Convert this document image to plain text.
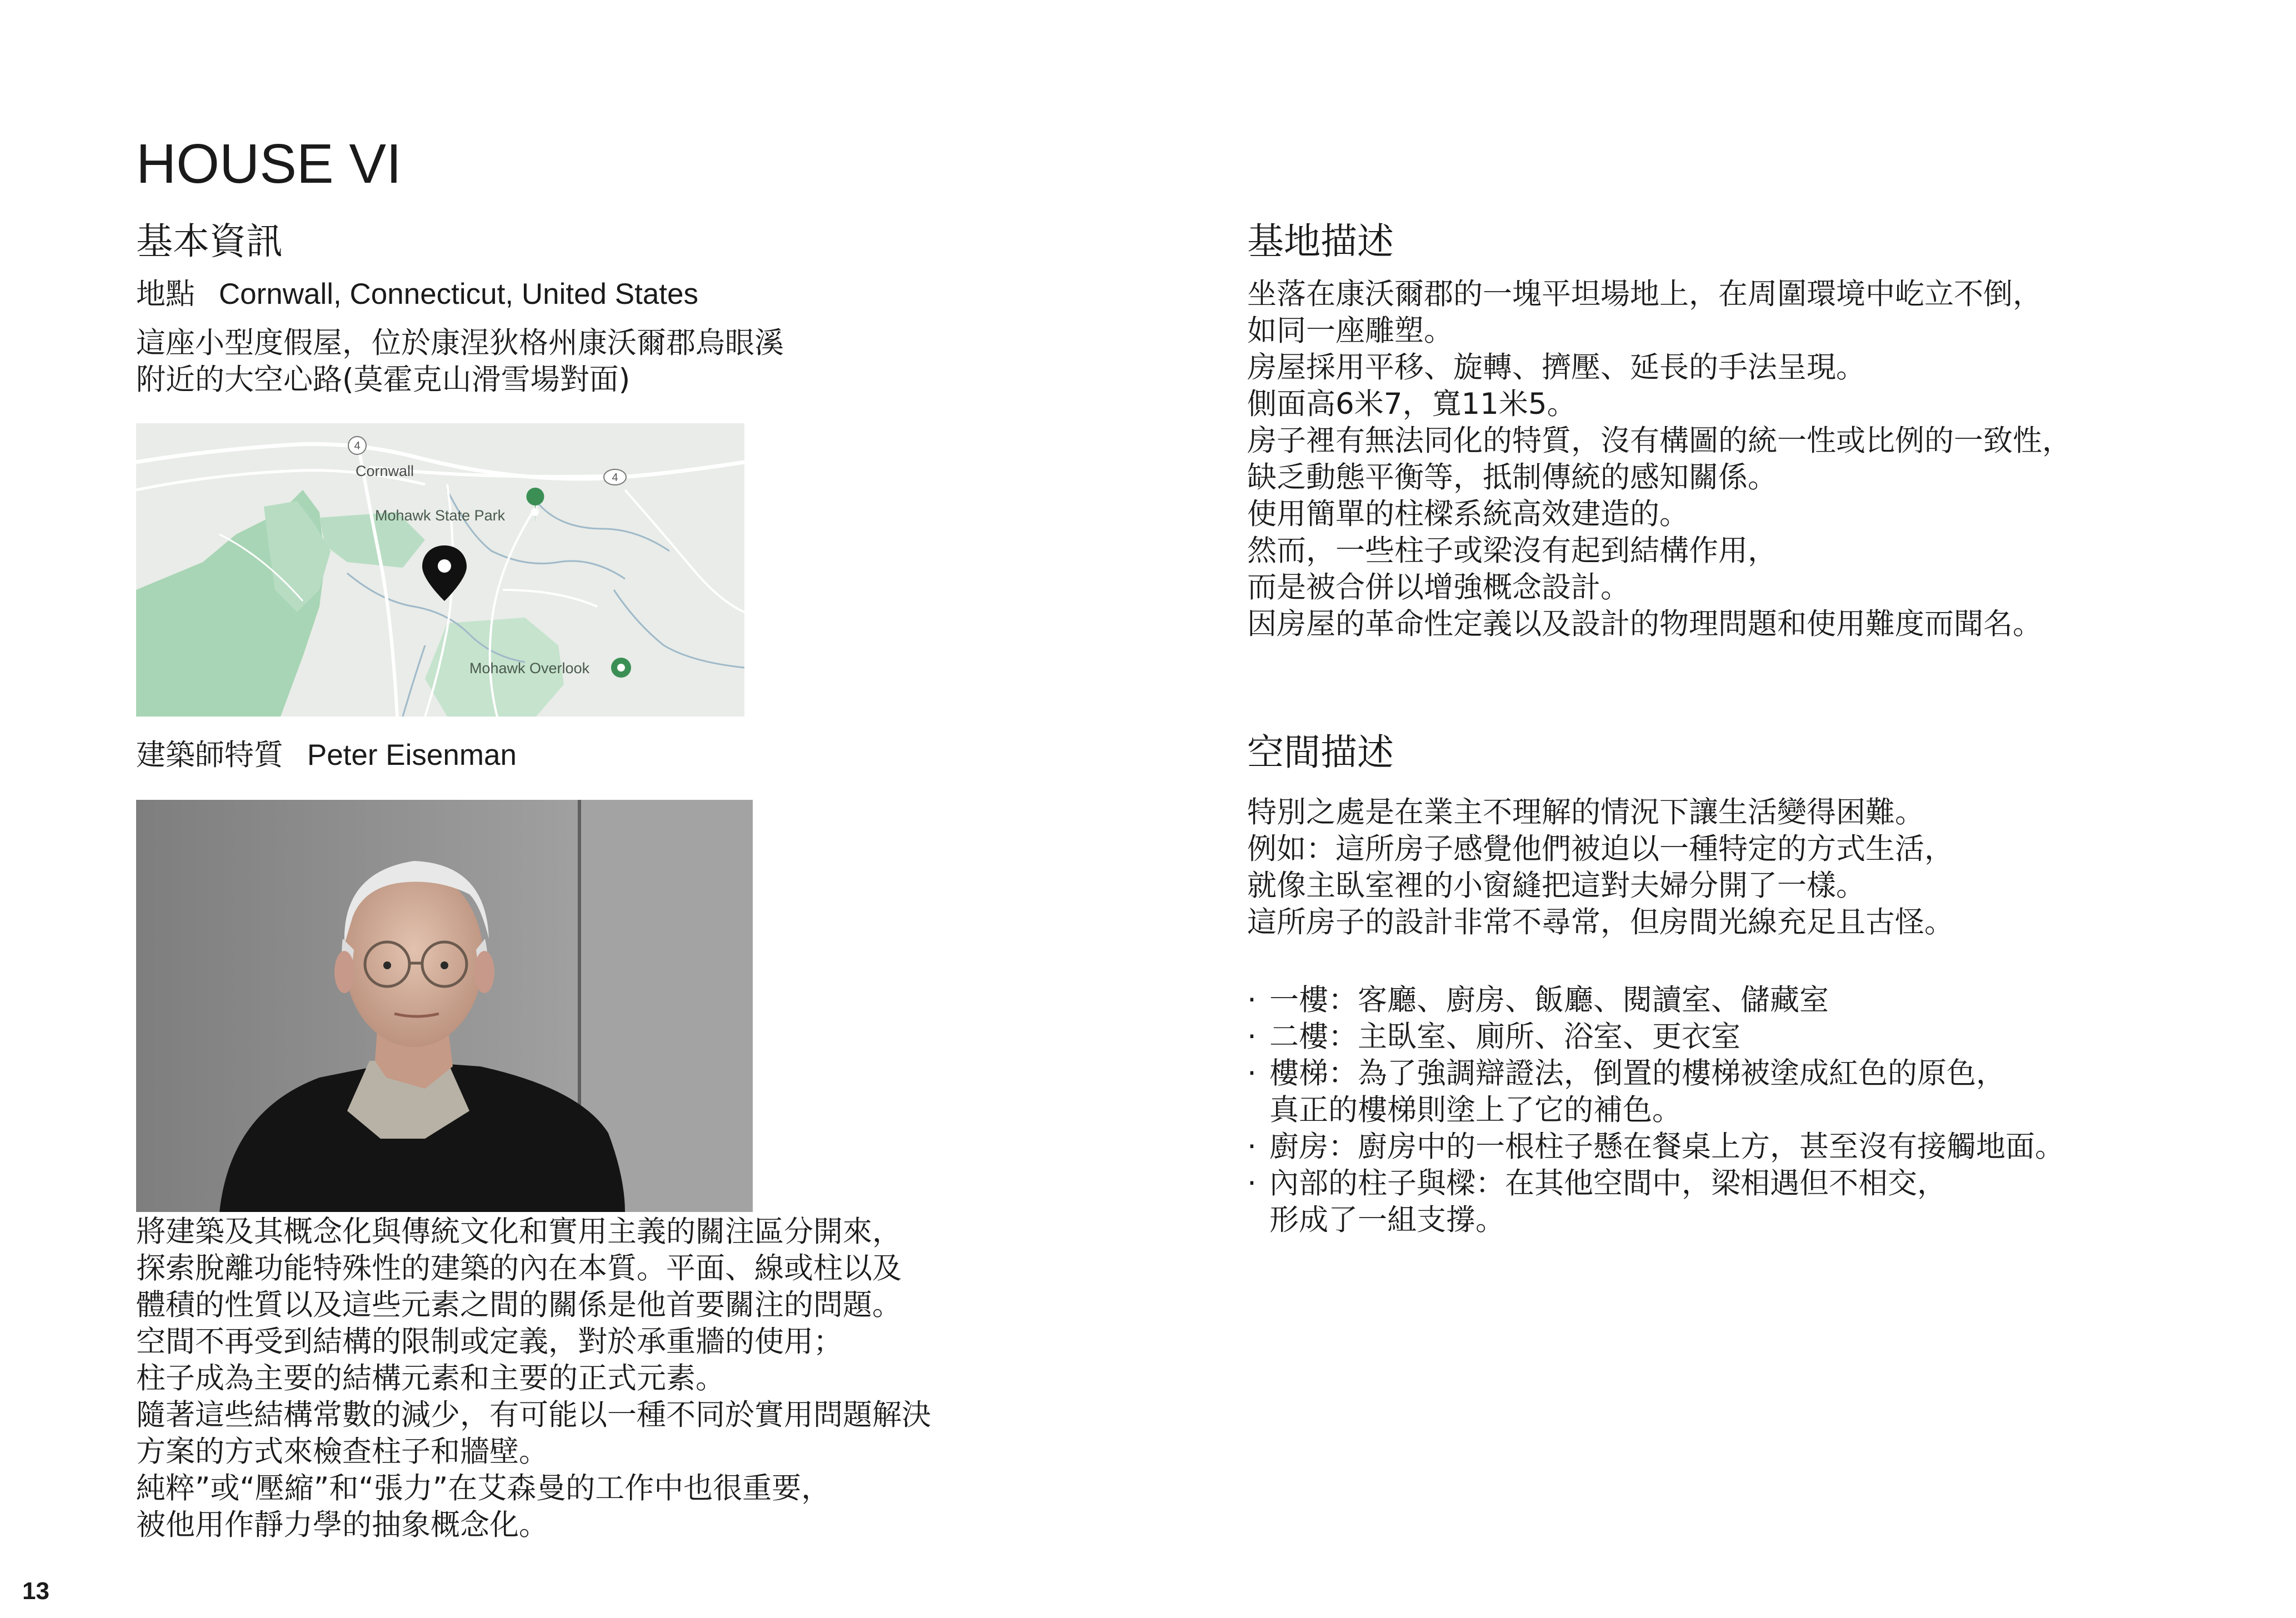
HOUSE VI
基本資訊
地點 Cornwall, Connecticut, United States
這座小型度假屋，位於康涅狄格州康沃爾郡烏眼溪
附近的大空心路(莫霍克山滑雪場對面)
4
4
Cornwall
Mohawk State Park
Mohawk Overlook
建築師特質 Peter Eisenman
將建築及其概念化與傳統文化和實用主義的關注區分開來，
探索脫離功能特殊性的建築的內在本質。平面、線或柱以及
體積的性質以及這些元素之間的關係是他首要關注的問題。
空間不再受到結構的限制或定義，對於承重牆的使用；
柱子成為主要的結構元素和主要的正式元素。
隨著這些結構常數的減少，有可能以一種不同於實用問題解決
方案的方式來檢查柱子和牆壁。
純粹”或“壓縮”和“張力”在艾森曼的工作中也很重要，
被他用作靜力學的抽象概念化。
基地描述
坐落在康沃爾郡的一塊平坦場地上，在周圍環境中屹立不倒，
如同一座雕塑。
房屋採用平移、旋轉、擠壓、延長的手法呈現。
側面高6米7，寬11米5。
房子裡有無法同化的特質，沒有構圖的統一性或比例的一致性，
缺乏動態平衡等，抵制傳統的感知關係。
使用簡單的柱樑系統高效建造的。
然而，一些柱子或梁沒有起到結構作用，
而是被合併以增強概念設計。
因房屋的革命性定義以及設計的物理問題和使用難度而聞名。
空間描述
特別之處是在業主不理解的情況下讓生活變得困難。
例如：這所房子感覺他們被迫以一種特定的方式生活，
就像主臥室裡的小窗縫把這對夫婦分開了一樣。
這所房子的設計非常不尋常，但房間光線充足且古怪。
· 一樓：客廳、廚房、飯廳、閱讀室、儲藏室
· 二樓：主臥室、廁所、浴室、更衣室
· 樓梯：為了強調辯證法，倒置的樓梯被塗成紅色的原色，
真正的樓梯則塗上了它的補色。
· 廚房：廚房中的一根柱子懸在餐桌上方，甚至沒有接觸地面。
· 內部的柱子與樑：在其他空間中，梁相遇但不相交，
形成了一組支撐。
13
